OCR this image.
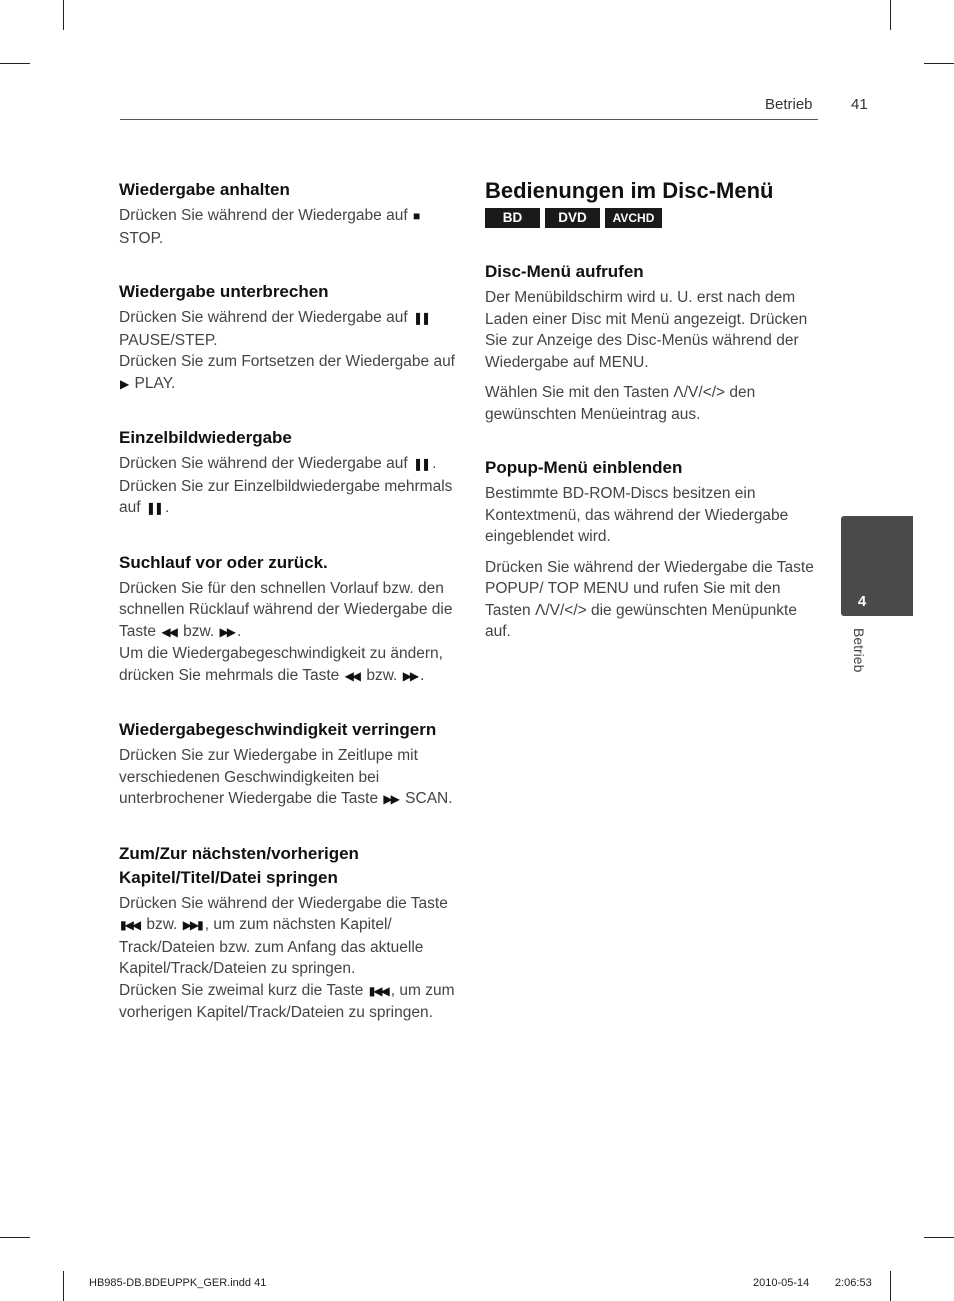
Betrieb	41
Wiedergabe anhalten

Drücken Sie während der Wiedergabe auf ■ STOP.

Wiedergabe unterbrechen

Drücken Sie während der Wiedergabe auf ❚❚ PAUSE/STEP.

Drücken Sie zum Fortsetzen der Wiedergabe auf ▶ PLAY.

Einzelbildwiedergabe

Drücken Sie während der Wiedergabe auf ❚❚ .

Drücken Sie zur Einzelbildwiedergabe mehrmals auf ❚❚ .

Suchlauf vor oder zurück.

Drücken Sie für den schnellen Vorlauf bzw. den schnellen Rücklauf während der Wiedergabe die Taste ◀◀ bzw. ▶▶ .

Um die Wiedergabegeschwindigkeit zu ändern, drücken Sie mehrmals die Taste ◀◀ bzw. ▶▶ .

Wiedergabegeschwindigkeit verringern

Drücken Sie zur Wiedergabe in Zeitlupe mit verschiedenen Geschwindigkeiten bei unterbrochener Wiedergabe die Taste ▶▶ SCAN.

Zum/Zur nächsten/vorherigen Kapitel/Titel/Datei springen

Drücken Sie während der Wiedergabe die Taste ▮◀◀ bzw. ▶▶▮ , um zum nächsten Kapitel/ Track/Dateien bzw. zum Anfang das aktuelle Kapitel/Track/Dateien zu springen.

Drücken Sie zweimal kurz die Taste ▮◀◀ , um zum vorherigen Kapitel/Track/Dateien zu springen.

Bedienungen im Disc-Menü
BD	DVD	AVCHD
Disc-Menü aufrufen

Der Menübildschirm wird u. U. erst nach dem Laden einer Disc mit Menü angezeigt. Drücken Sie zur Anzeige des Disc-Menüs während der Wiedergabe auf MENU.

Wählen Sie mit den Tasten Λ/V/</> den gewünschten Menüeintrag aus.

Popup-Menü einblenden

Bestimmte BD-ROM-Discs besitzen ein Kontextmenü, das während der Wiedergabe eingeblendet wird.

Drücken Sie während der Wiedergabe die Taste POPUP/ TOP MENU und rufen Sie mit den Tasten Λ/V/</> die gewünschten Menüpunkte auf.

4
Betrieb
HB985-DB.BDEUPPK_GER.indd 41	2010-05-14 2:06:53
